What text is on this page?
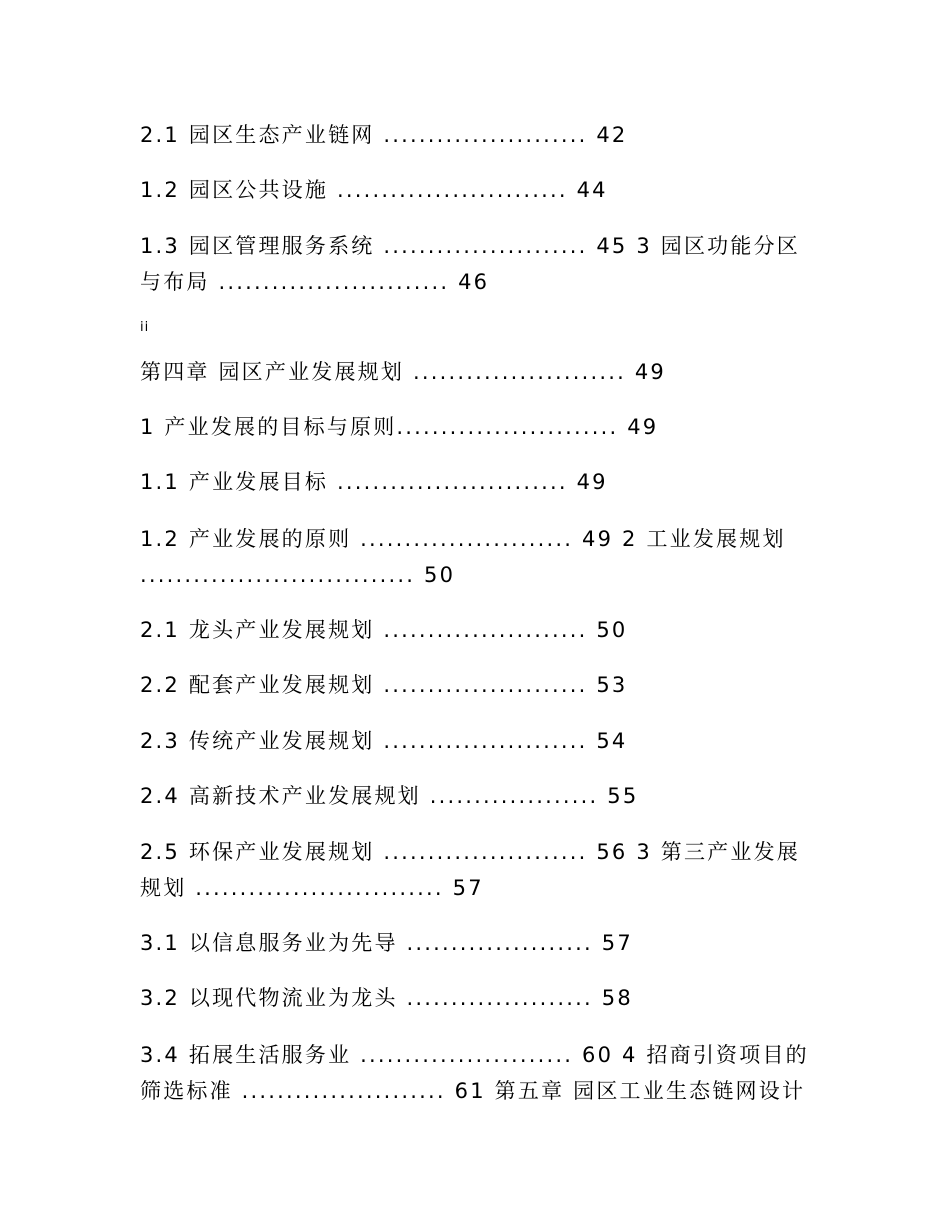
2.1 园区生态产业链网 ....................... 42

1.2 园区公共设施 .......................... 44

1.3 园区管理服务系统 ....................... 45 3 园区功能分区与布局 .......................... 46

ii

第四章 园区产业发展规划 ........................ 49

1 产业发展的目标与原则......................... 49

1.1 产业发展目标 .......................... 49

1.2 产业发展的原则 ........................ 49 2 工业发展规划 ............................... 50

2.1 龙头产业发展规划 ....................... 50

2.2 配套产业发展规划 ....................... 53

2.3 传统产业发展规划 ....................... 54

2.4 高新技术产业发展规划 ................... 55

2.5 环保产业发展规划 ....................... 56 3 第三产业发展规划 ............................ 57

3.1 以信息服务业为先导 ..................... 57

3.2 以现代物流业为龙头 ..................... 58

3.4 拓展生活服务业 ........................ 60 4 招商引资项目的筛选标准 ....................... 61 第五章 园区工业生态链网设计
